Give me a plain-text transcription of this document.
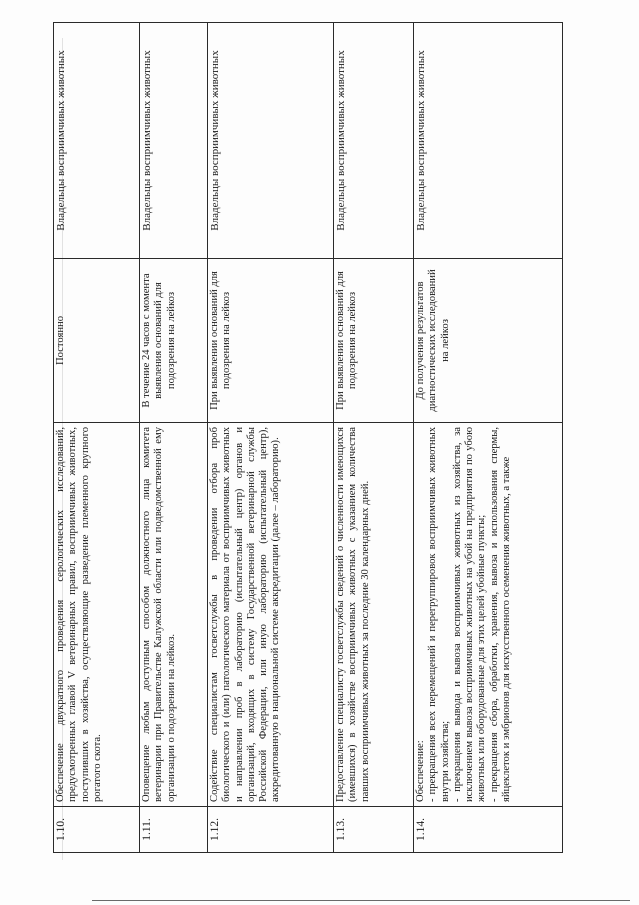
1.10.	Обеспечение двукратного проведения серологических исследований, предусмотренных главой V ветеринарных правил, восприимчивых животных, поступивших в хозяйства, осуществляющие разведение племенного крупного рогатого скота.	Постоянно	Владельцы восприимчивых животных
1.11.	Оповещение любым доступным способом должностного лица комитета ветеринарии при Правительстве Калужской области или подведомственной ему организации о подозрении на лейкоз.	В течение 24 часов с момента выявления оснований для подозрения на лейкоз	Владельцы восприимчивых животных
1.12.	Содействие специалистам госветслужбы в проведении отбора проб биологического и (или) патологического материала от восприимчивых животных и направлении проб в лабораторию (испытательный центр) органов и организаций, входящих в систему Государственной ветеринарной службы Российской Федерации, или иную лабораторию (испытательный центр), аккредитованную в национальной системе аккредитации (далее – лабораторию).	При выявлении оснований для подозрения на лейкоз	Владельцы восприимчивых животных
1.13.	Предоставление специалисту госветслужбы сведений о численности имеющихся (имевшихся) в хозяйстве восприимчивых животных с указанием количества павших восприимчивых животных за последние 30 календарных дней.	При выявлении оснований для подозрения на лейкоз	Владельцы восприимчивых животных
1.14.	Обеспечение: - прекращения всех перемещений и перегруппировок восприимчивых животных внутри хозяйства; - прекращения вывода и вывоза восприимчивых животных из хозяйства, за исключением вывоза восприимчивых животных на убой на предприятия по убою животных или оборудованные для этих целей убойные пункты; - прекращения сбора, обработки, хранения, вывоза и использования спермы, яйцеклеток и эмбрионов для искусственного осеменения животных, а также	До получения результатов диагностических исследований на лейкоз	Владельцы восприимчивых животных
